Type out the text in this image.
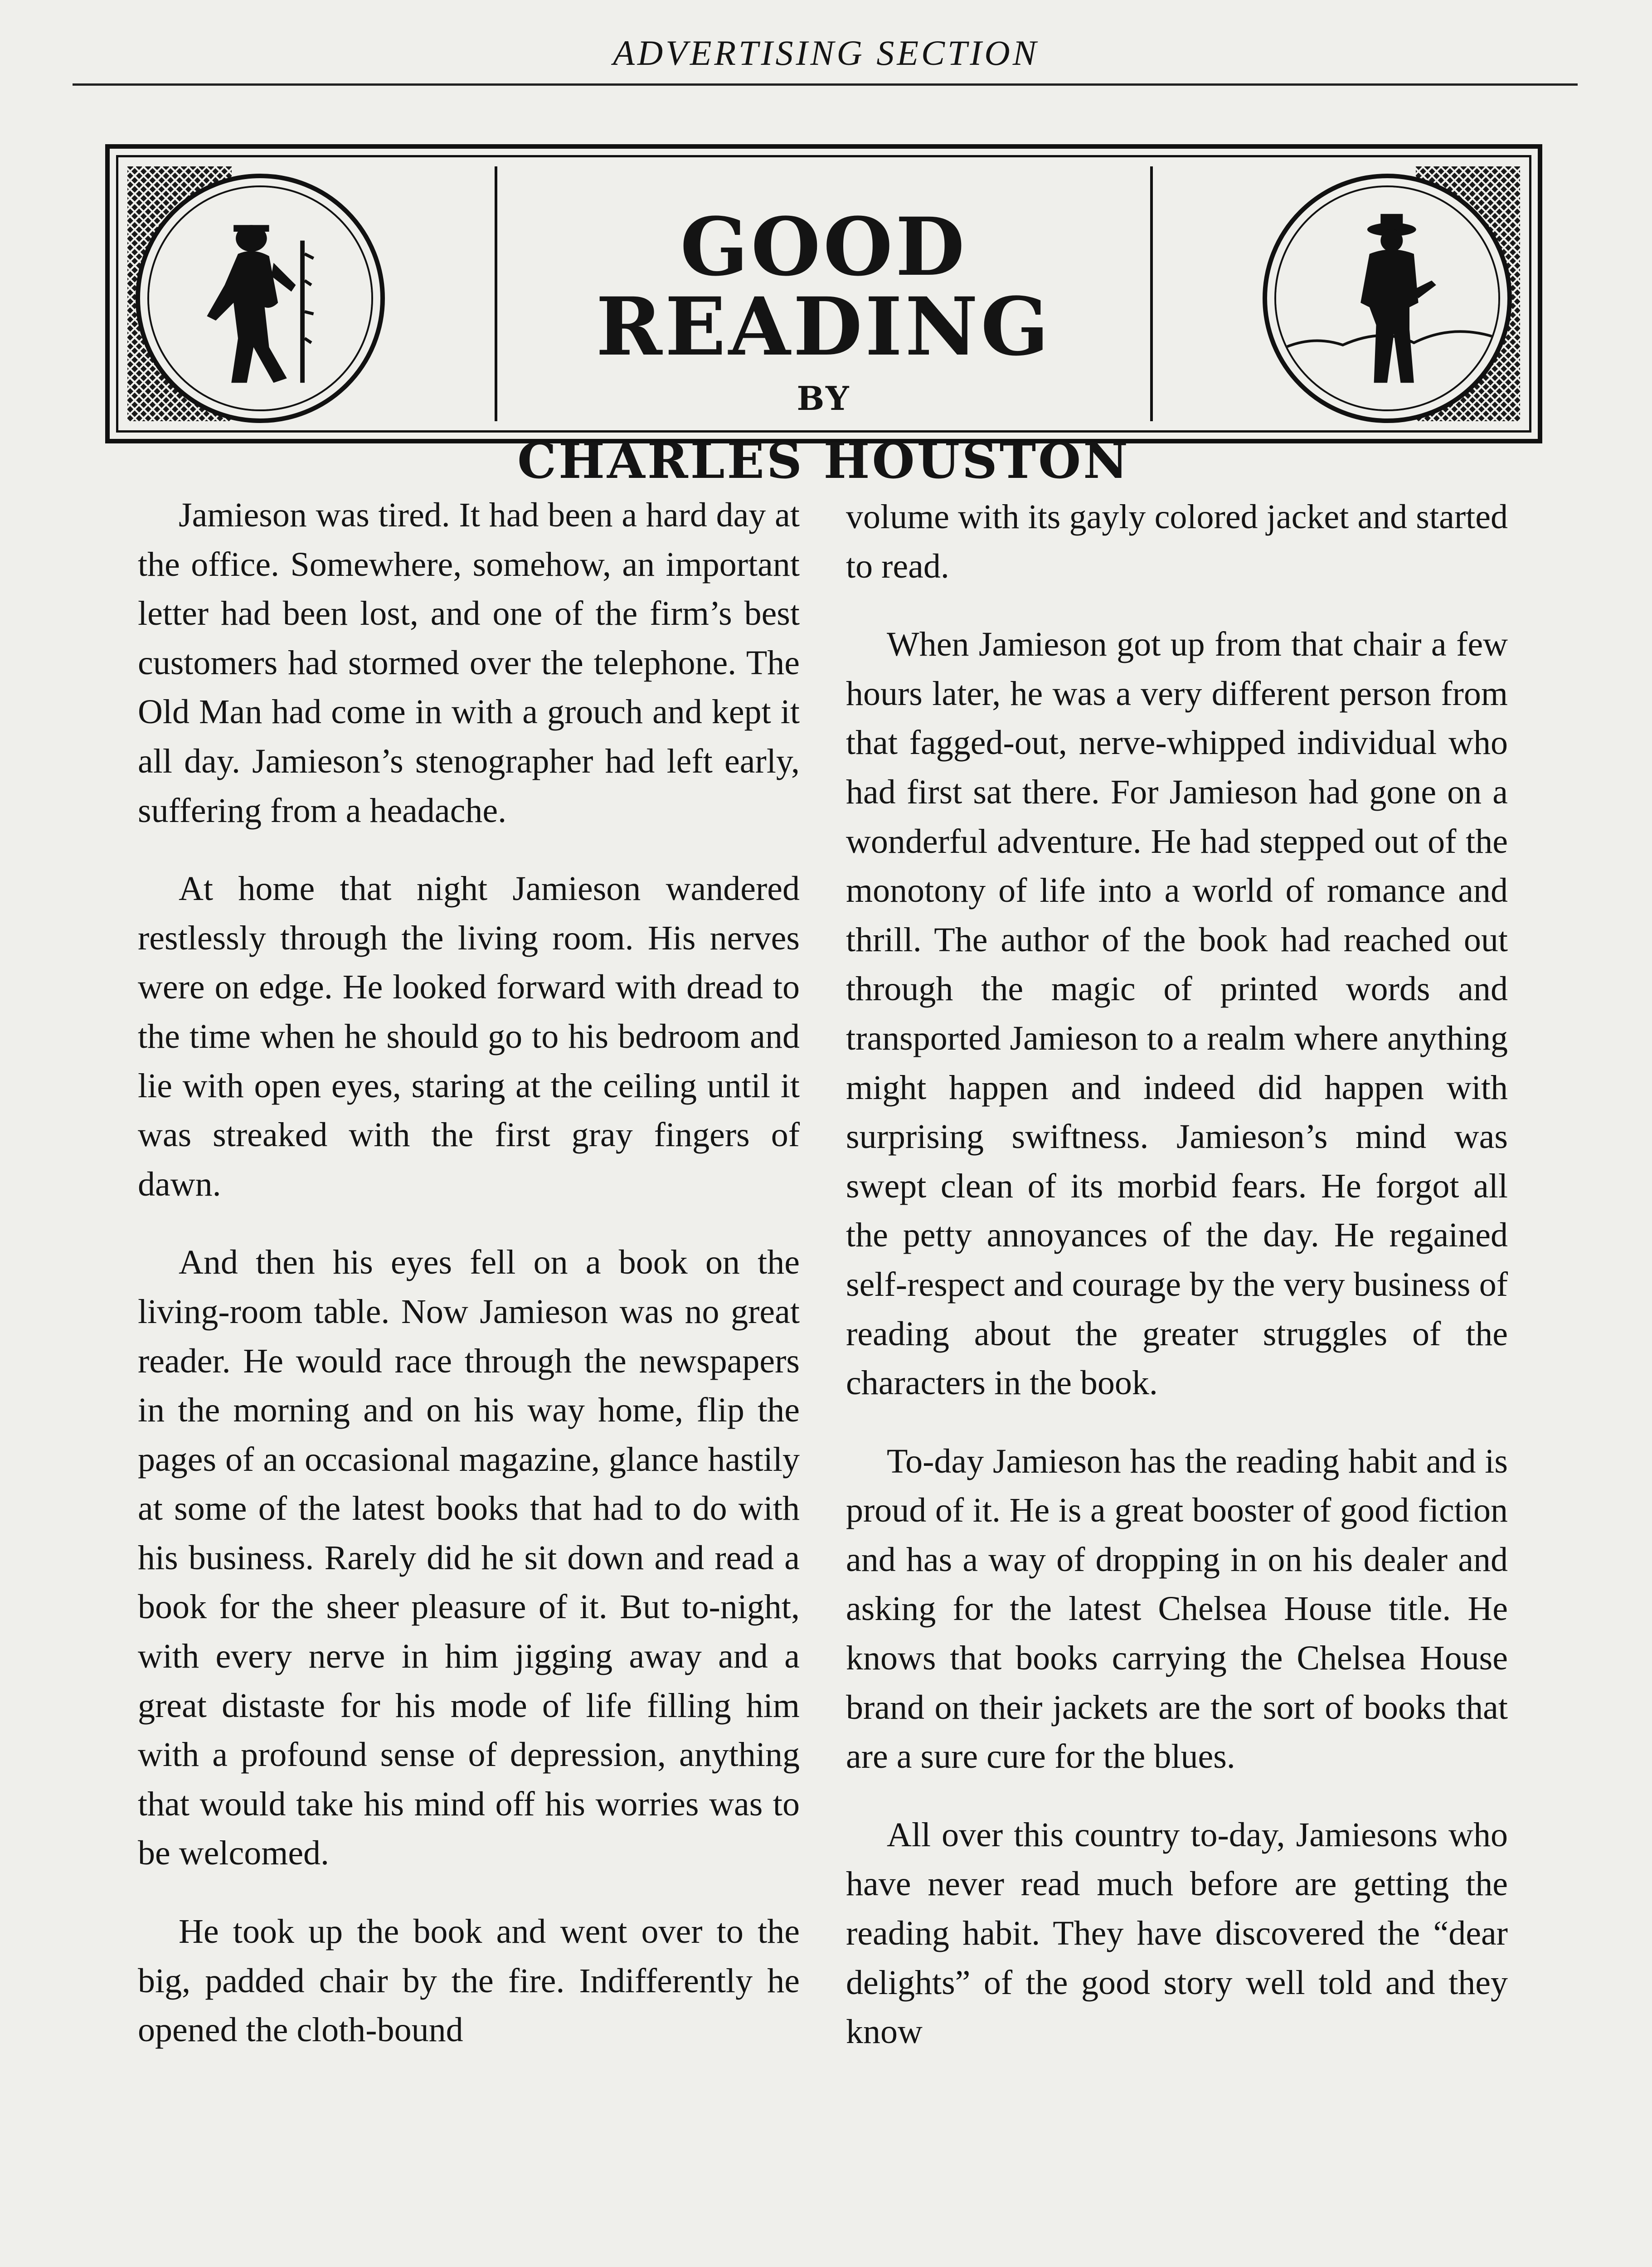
ADVERTISING SECTION
GOOD READING
BY
CHARLES HOUSTON

Jamieson was tired. It had been a hard day at the office. Somewhere, somehow, an important letter had been lost, and one of the firm’s best customers had stormed over the telephone. The Old Man had come in with a grouch and kept it all day. Jamieson’s stenographer had left early, suffering from a headache.

At home that night Jamieson wandered restlessly through the living room. His nerves were on edge. He looked forward with dread to the time when he should go to his bedroom and lie with open eyes, staring at the ceiling until it was streaked with the first gray fingers of dawn.

And then his eyes fell on a book on the living-room table. Now Jamieson was no great reader. He would race through the newspapers in the morning and on his way home, flip the pages of an occasional magazine, glance hastily at some of the latest books that had to do with his business. Rarely did he sit down and read a book for the sheer pleasure of it. But to-night, with every nerve in him jigging away and a great distaste for his mode of life filling him with a profound sense of depression, anything that would take his mind off his worries was to be welcomed.

He took up the book and went over to the big, padded chair by the fire. Indifferently he opened the cloth-bound

volume with its gayly colored jacket and started to read.

When Jamieson got up from that chair a few hours later, he was a very different person from that fagged-out, nerve-whipped individual who had first sat there. For Jamieson had gone on a wonderful adventure. He had stepped out of the monotony of life into a world of romance and thrill. The author of the book had reached out through the magic of printed words and transported Jamieson to a realm where anything might happen and indeed did happen with surprising swiftness. Jamieson’s mind was swept clean of its morbid fears. He forgot all the petty annoyances of the day. He regained self-respect and courage by the very business of reading about the greater struggles of the characters in the book.

To-day Jamieson has the reading habit and is proud of it. He is a great booster of good fiction and has a way of dropping in on his dealer and asking for the latest Chelsea House title. He knows that books carrying the Chelsea House brand on their jackets are the sort of books that are a sure cure for the blues.

All over this country to-day, Jamiesons who have never read much before are getting the reading habit. They have discovered the “dear delights” of the good story well told and they know
